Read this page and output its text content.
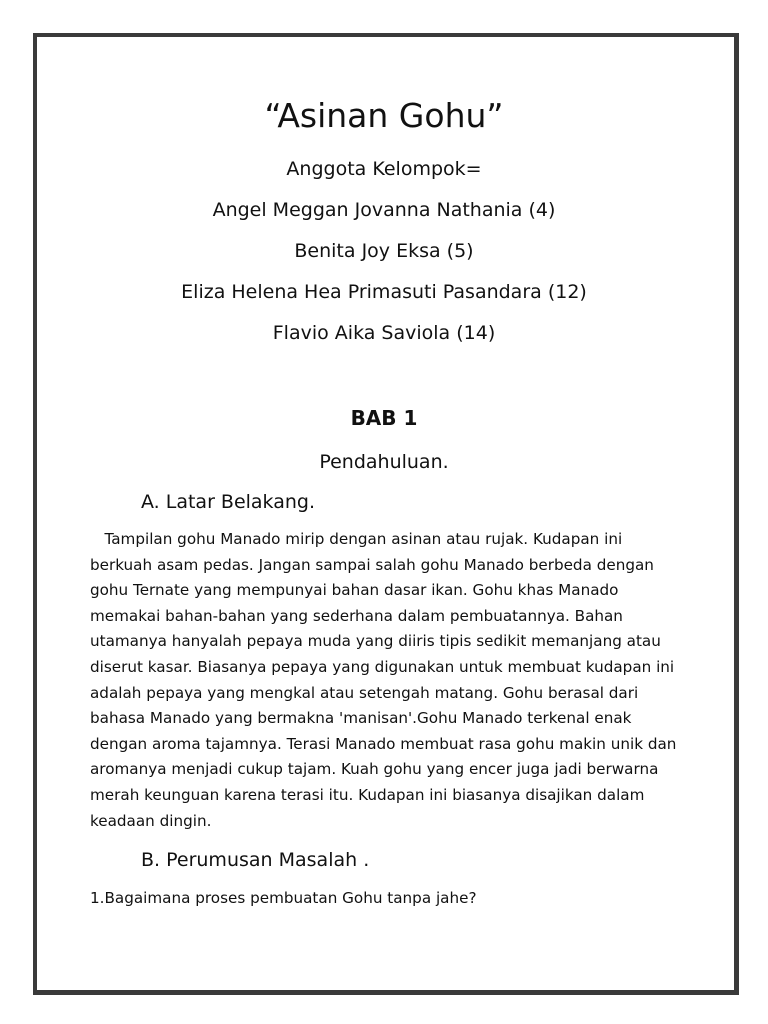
“Asinan Gohu”
Anggota Kelompok=
Angel Meggan Jovanna Nathania (4)
Benita Joy Eksa (5)
Eliza Helena Hea Primasuti Pasandara (12)
Flavio Aika Saviola (14)
BAB 1
Pendahuluan.
A. Latar Belakang.

Tampilan gohu Manado mirip dengan asinan atau rujak. Kudapan ini berkuah asam pedas. Jangan sampai salah gohu Manado berbeda dengan gohu Ternate yang mempunyai bahan dasar ikan. Gohu khas Manado memakai bahan-bahan yang sederhana dalam pembuatannya. Bahan utamanya hanyalah pepaya muda yang diiris tipis sedikit memanjang atau diserut kasar. Biasanya pepaya yang digunakan untuk membuat kudapan ini adalah pepaya yang mengkal atau setengah matang. Gohu berasal dari bahasa Manado yang bermakna 'manisan'.Gohu Manado terkenal enak dengan aroma tajamnya. Terasi Manado membuat rasa gohu makin unik dan aromanya menjadi cukup tajam. Kuah gohu yang encer juga jadi berwarna merah keunguan karena terasi itu. Kudapan ini biasanya disajikan dalam keadaan dingin.

B. Perumusan Masalah .
1.Bagaimana proses pembuatan Gohu tanpa jahe?
